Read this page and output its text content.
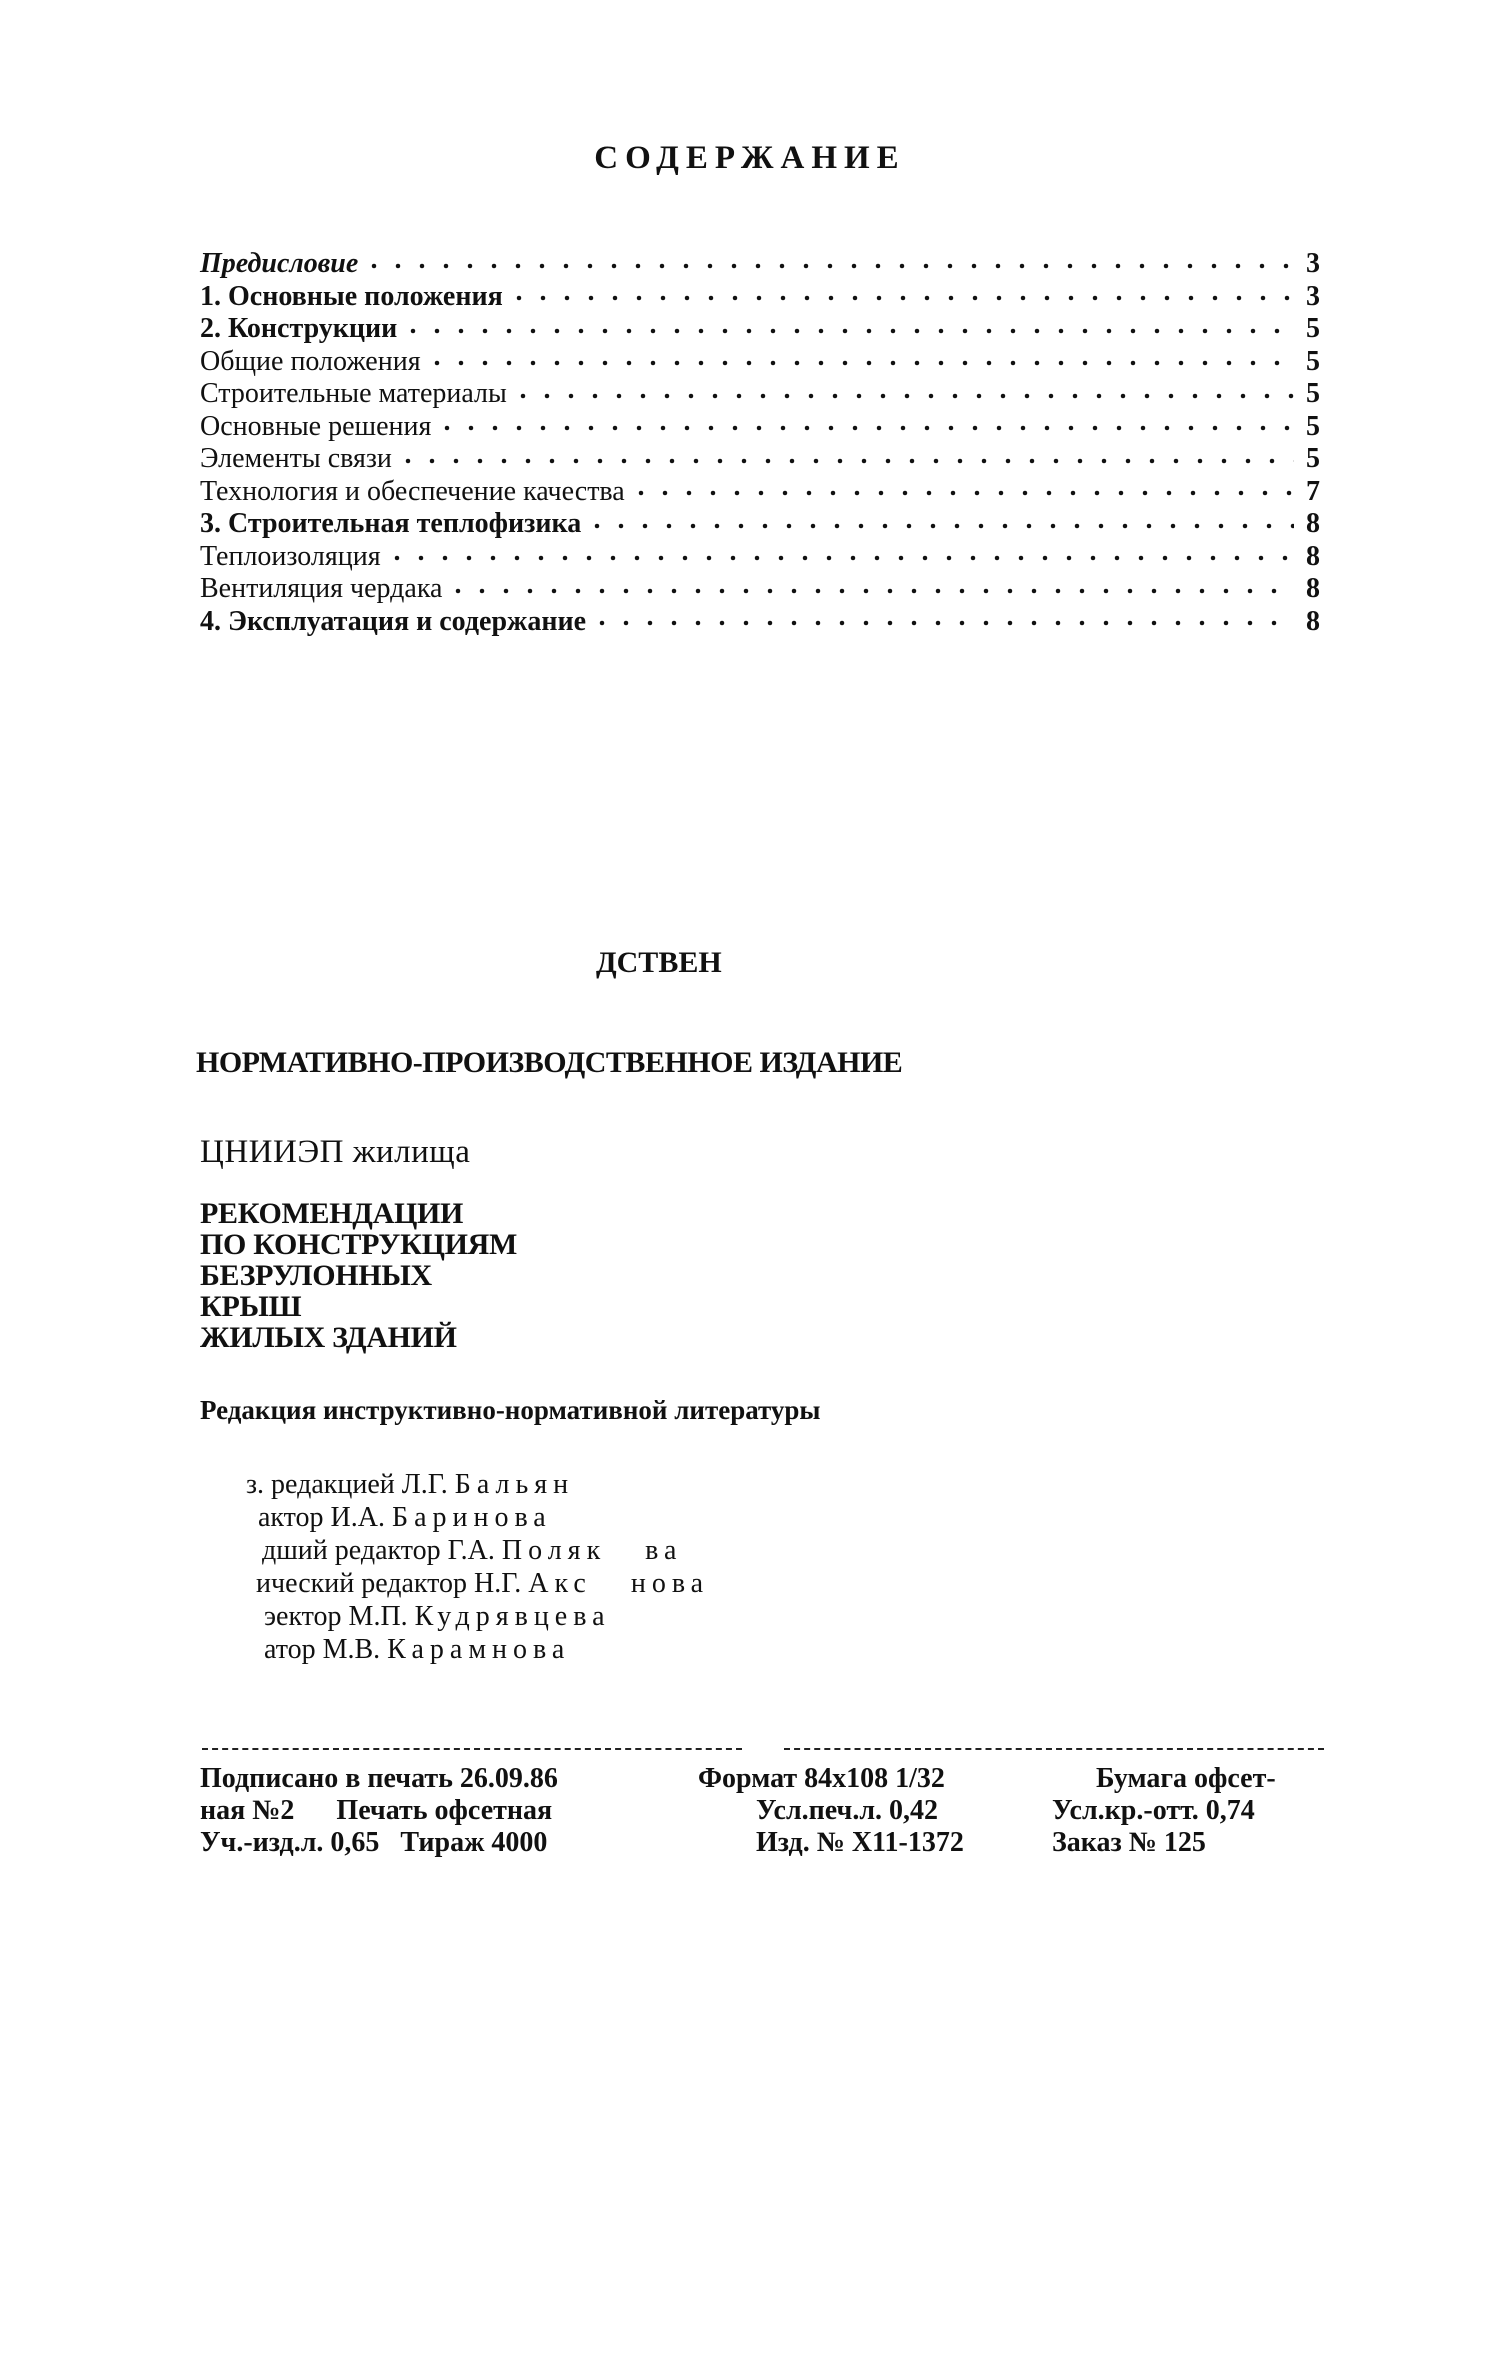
СОДЕРЖАНИЕ
Предисловие	3
1. Основные положения	3
2. Конструкции	5
Общие положения	5
Строительные материалы	5
Основные решения	5
Элементы связи	5
Технология и обеспечение качества	7
3. Строительная теплофизика	8
Теплоизоляция	8
Вентиляция чердака	8
4. Эксплуатация и содержание	8
ДСТВЕН
НОРМАТИВНО-ПРОИЗВОДСТВЕННОЕ ИЗДАНИЕ
ЦНИИЭП жилища
РЕКОМЕНДАЦИИ
ПО КОНСТРУКЦИЯМ
БЕЗРУЛОННЫХ
КРЫШ
ЖИЛЫХ ЗДАНИЙ
Редакция инструктивно-нормативной литературы
з. редакцией Л.Г. Бальян
актор И.А. Баринова
дший редактор Г.А. Поляк   ва
ический редактор Н.Г. Акс   нова
эектор М.П. Кудрявцева
атор М.В. Карамнова
Подписано в печать 26.09.86
ная №2      Печать офсетная
Уч.-изд.л. 0,65   Тираж 4000
Формат 84х108 1/32
Усл.печ.л. 0,42
Изд. № Х11-1372
Бумага офсет-
Усл.кр.-отт. 0,74
Заказ № 125
